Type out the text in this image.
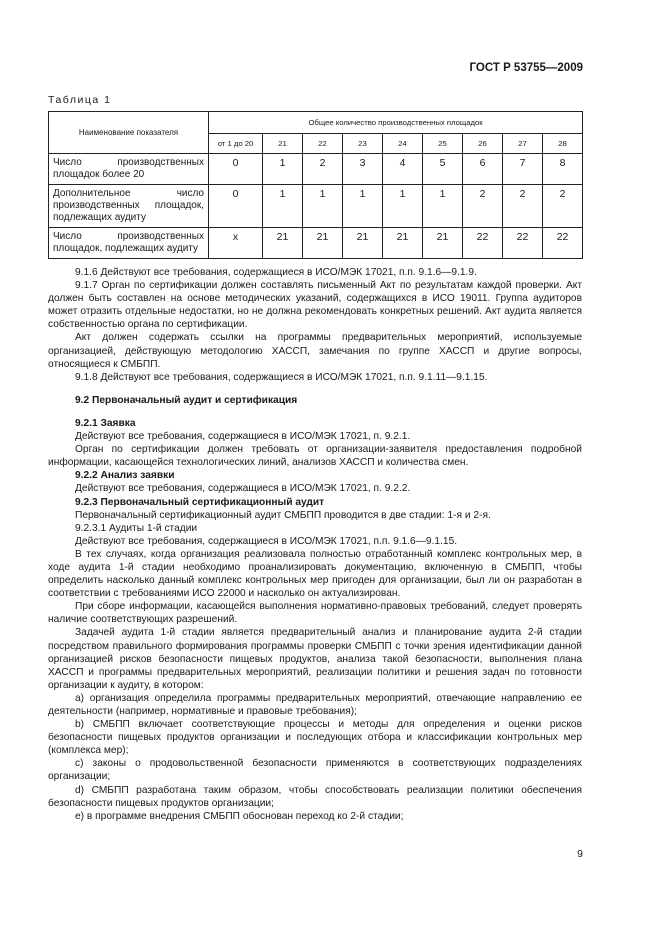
ГОСТ Р 53755—2009
Таблица 1
Наименование показателя	Общее количество производственных площадок								
	от 1 до 20	21	22	23	24	25	26	27	28
Число производственных площадок более 20	0	1	2	3	4	5	6	7	8
Дополнительное число производственных площадок, подлежащих аудиту	0	1	1	1	1	1	2	2	2
Число производственных площадок, подлежащих аудиту	х	21	21	21	21	21	22	22	22

9.1.6 Действуют все требования, содержащиеся в ИСО/МЭК 17021, п.п. 9.1.6—9.1.9.

9.1.7 Орган по сертификации должен составлять письменный Акт по результатам каждой проверки. Акт должен быть составлен на основе методических указаний, содержащихся в ИСО 19011. Группа аудиторов может отразить отдельные недостатки, но не должна рекомендовать конкретных решений. Акт аудита является собственностью органа по сертификации.

Акт должен содержать ссылки на программы предварительных мероприятий, используемые организацией, действующую методологию ХАССП, замечания по группе ХАССП и другие вопросы, относящиеся к СМБПП.

9.1.8 Действуют все требования, содержащиеся в ИСО/МЭК 17021, п.п. 9.1.11—9.1.15.

9.2 Первоначальный аудит и сертификация

9.2.1 Заявка

Действуют все требования, содержащиеся в ИСО/МЭК 17021, п. 9.2.1.

Орган по сертификации должен требовать от организации-заявителя предоставления подробной информации, касающейся технологических линий, анализов ХАССП и количества смен.

9.2.2 Анализ заявки

Действуют все требования, содержащиеся в ИСО/МЭК 17021, п. 9.2.2.

9.2.3 Первоначальный сертификационный аудит

Первоначальный сертификационный аудит СМБПП проводится в две стадии: 1-я и 2-я.

9.2.3.1 Аудиты 1-й стадии

Действуют все требования, содержащиеся в ИСО/МЭК 17021, п.п. 9.1.6—9.1.15.

В тех случаях, когда организация реализовала полностью отработанный комплекс контрольных мер, в ходе аудита 1-й стадии необходимо проанализировать документацию, включенную в СМБПП, чтобы определить насколько данный комплекс контрольных мер пригоден для организации, был ли он разработан в соответствии с требованиями ИСО 22000 и насколько он актуализирован.

При сборе информации, касающейся выполнения нормативно-правовых требований, следует проверять наличие соответствующих разрешений.

Задачей аудита 1-й стадии является предварительный анализ и планирование аудита 2-й стадии посредством правильного формирования программы проверки СМБПП с точки зрения идентификации данной организацией рисков безопасности пищевых продуктов, анализа такой безопасности, выполнения плана ХАССП и программы предварительных мероприятий, реализации политики и решения задач по готовности организации к аудиту, в котором:

a) организация определила программы предварительных мероприятий, отвечающие направлению ее деятельности (например, нормативные и правовые требования);

b) СМБПП включает соответствующие процессы и методы для определения и оценки рисков безопасности пищевых продуктов организации и последующих отбора и классификации контрольных мер (комплекса мер);

c) законы о продовольственной безопасности применяются в соответствующих подразделениях организации;

d) СМБПП разработана таким образом, чтобы способствовать реализации политики обеспечения безопасности пищевых продуктов организации;

e) в программе внедрения СМБПП обоснован переход ко 2-й стадии;

9
